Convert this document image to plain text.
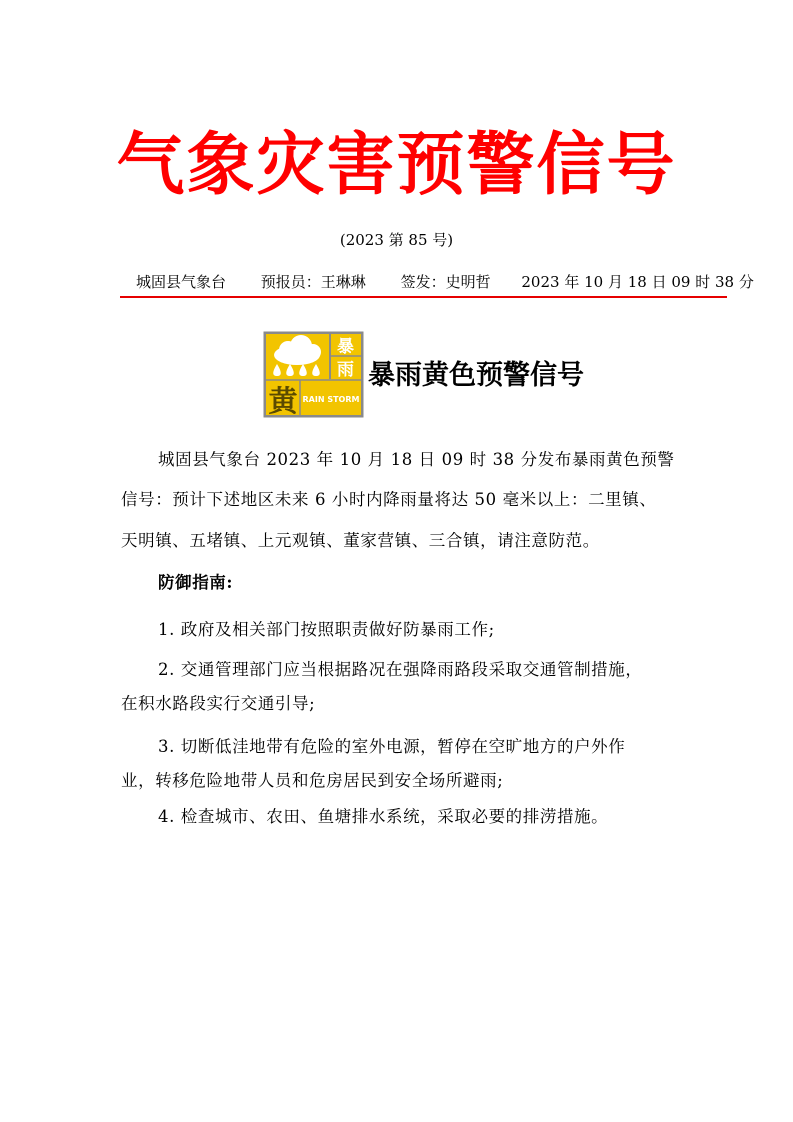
气象灾害预警信号
(2023 第 85 号)
城固县气象台 预报员：王琳琳 签发：史明哲 2023 年 10 月 18 日 09 时 38 分
暴
雨
黄 RAIN STORM
暴雨黄色预警信号
城固县气象台 2023 年 10 月 18 日 09 时 38 分发布暴雨黄色预警
信号：预计下述地区未来 6 小时内降雨量将达 50 毫米以上：二里镇、
天明镇、五堵镇、上元观镇、董家营镇、三合镇，请注意防范。
防御指南:
1. 政府及相关部门按照职责做好防暴雨工作;
2. 交通管理部门应当根据路况在强降雨路段采取交通管制措施，
在积水路段实行交通引导;
3. 切断低洼地带有危险的室外电源，暂停在空旷地方的户外作
业，转移危险地带人员和危房居民到安全场所避雨;
4. 检查城市、农田、鱼塘排水系统，采取必要的排涝措施。
